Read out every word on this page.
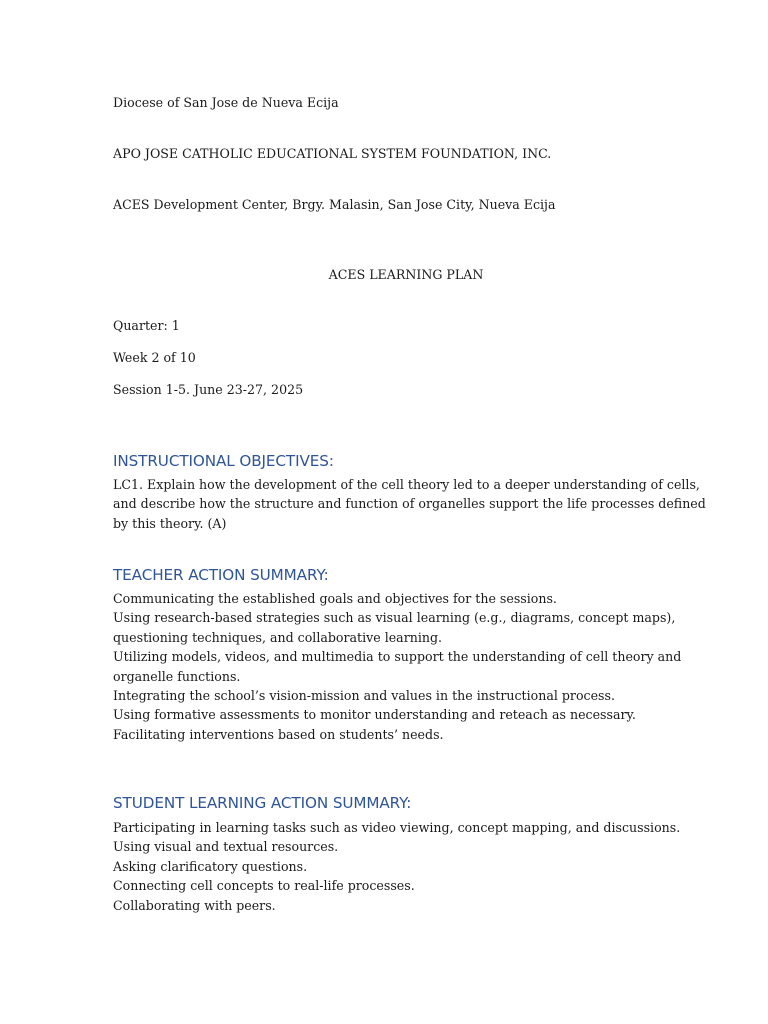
Diocese of San Jose de Nueva Ecija
APO JOSE CATHOLIC EDUCATIONAL SYSTEM FOUNDATION, INC.
ACES Development Center, Brgy. Malasin, San Jose City, Nueva Ecija
ACES LEARNING PLAN
Quarter: 1
Week 2 of 10
Session 1-5. June 23-27, 2025
INSTRUCTIONAL OBJECTIVES:
LC1. Explain how the development of the cell theory led to a deeper understanding of cells,
and describe how the structure and function of organelles support the life processes defined
by this theory. (A)
TEACHER ACTION SUMMARY:
Communicating the established goals and objectives for the sessions.
Using research-based strategies such as visual learning (e.g., diagrams, concept maps),
questioning techniques, and collaborative learning.
Utilizing models, videos, and multimedia to support the understanding of cell theory and
organelle functions.
Integrating the school’s vision-mission and values in the instructional process.
Using formative assessments to monitor understanding and reteach as necessary.
Facilitating interventions based on students’ needs.
STUDENT LEARNING ACTION SUMMARY:
Participating in learning tasks such as video viewing, concept mapping, and discussions.
Using visual and textual resources.
Asking clarificatory questions.
Connecting cell concepts to real-life processes.
Collaborating with peers.
